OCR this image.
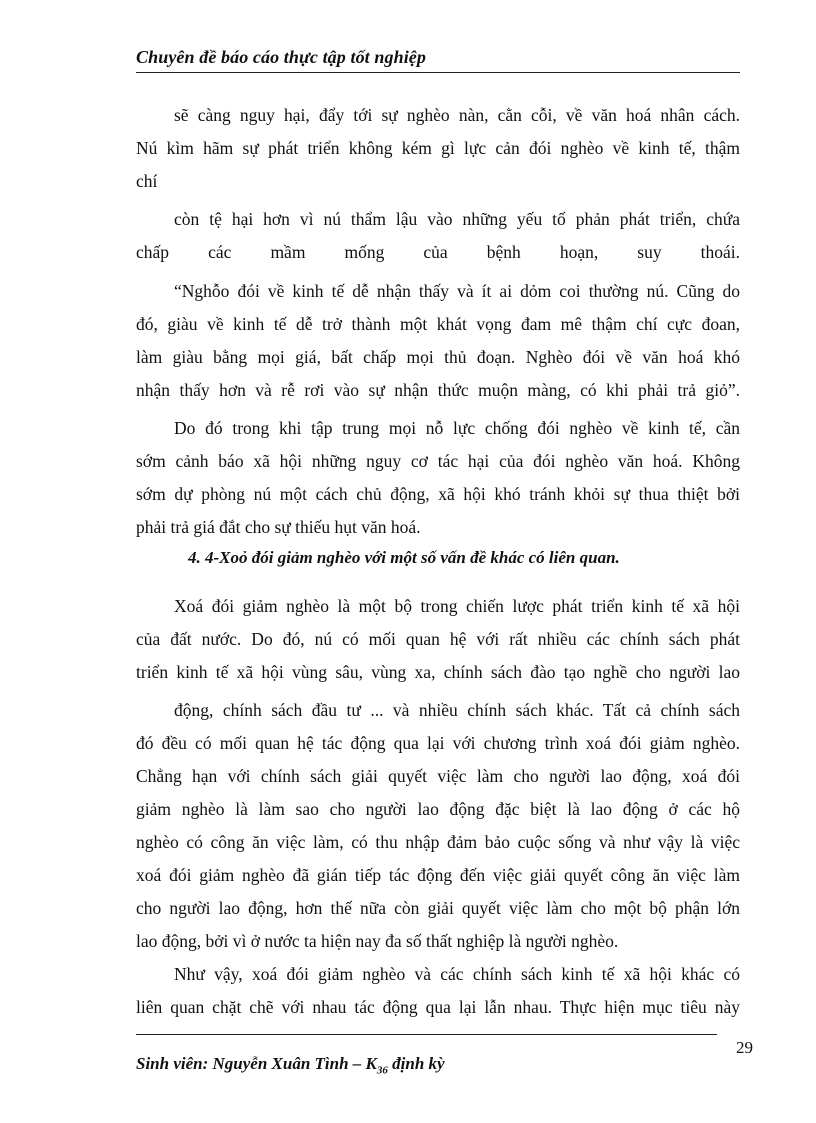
Chuyên đề báo cáo thực tập tốt nghiệp
sẽ càng nguy hại, đẩy tới sự nghèo nàn, cằn cỗi, về văn hoá nhân cách.
Nú kìm hãm sự phát triển không kém gì lực cản đói nghèo về kinh tế, thậm
chí
còn tệ hại hơn vì nú thẩm lậu vào những yếu tố phản phát triển, chứa
chấp các mầm mống của bệnh hoạn, suy thoái.
“Nghỗo đói về kinh tế dễ nhận thấy và ít ai dỏm coi thường nú. Cũng do
đó, giàu về kinh tế dễ trở thành một khát vọng đam mê thậm chí cực đoan,
làm giàu bằng mọi giá, bất chấp mọi thủ đoạn. Nghèo đói về văn hoá khó
nhận thấy hơn và rễ rơi vào sự nhận thức muộn màng, có khi phải trả giỏ”.
Do đó trong khi tập trung mọi nỗ lực chống đói nghèo về kinh tế, cần
sớm cảnh báo xã hội những nguy cơ tác hại của đói nghèo văn hoá. Không
sớm dự phòng nú một cách chủ động, xã hội khó tránh khỏi sự thua thiệt bởi
phải trả giá đắt cho sự thiếu hụt văn hoá.
4. 4-Xoỏ đói giảm nghèo với một số vấn đề khác có liên quan.
Xoá đói giảm nghèo là một bộ trong chiến lược phát triển kinh tế xã hội
của đất nước. Do đó, nú có mối quan hệ với rất nhiều các chính sách phát
triển kinh tế xã hội vùng sâu, vùng xa, chính sách đào tạo nghề cho người lao
động, chính sách đầu tư ... và nhiều chính sách khác. Tất cả chính sách
đó đều có mối quan hệ tác động qua lại với chương trình xoá đói giảm nghèo.
Chẳng hạn với chính sách giải quyết việc làm cho người lao động, xoá đói
giảm nghèo là làm sao cho người lao động đặc biệt là lao động ở các hộ
nghèo có công ăn việc làm, có thu nhập đảm bảo cuộc sống và như vậy là việc
xoá đói giảm nghèo đã gián tiếp tác động đến việc giải quyết công ăn việc làm
cho người lao động, hơn thế nữa còn giải quyết việc làm cho một bộ phận lớn
lao động, bởi vì ở nước ta hiện nay đa số thất nghiệp là người nghèo.
Như vậy, xoá đói giảm nghèo và các chính sách kinh tế xã hội khác có
liên quan chặt chẽ với nhau tác động qua lại lẫn nhau. Thực hiện mục tiêu này
29
Sinh viên: Nguyễn Xuân Tình – $K_{36}$ định kỳ
